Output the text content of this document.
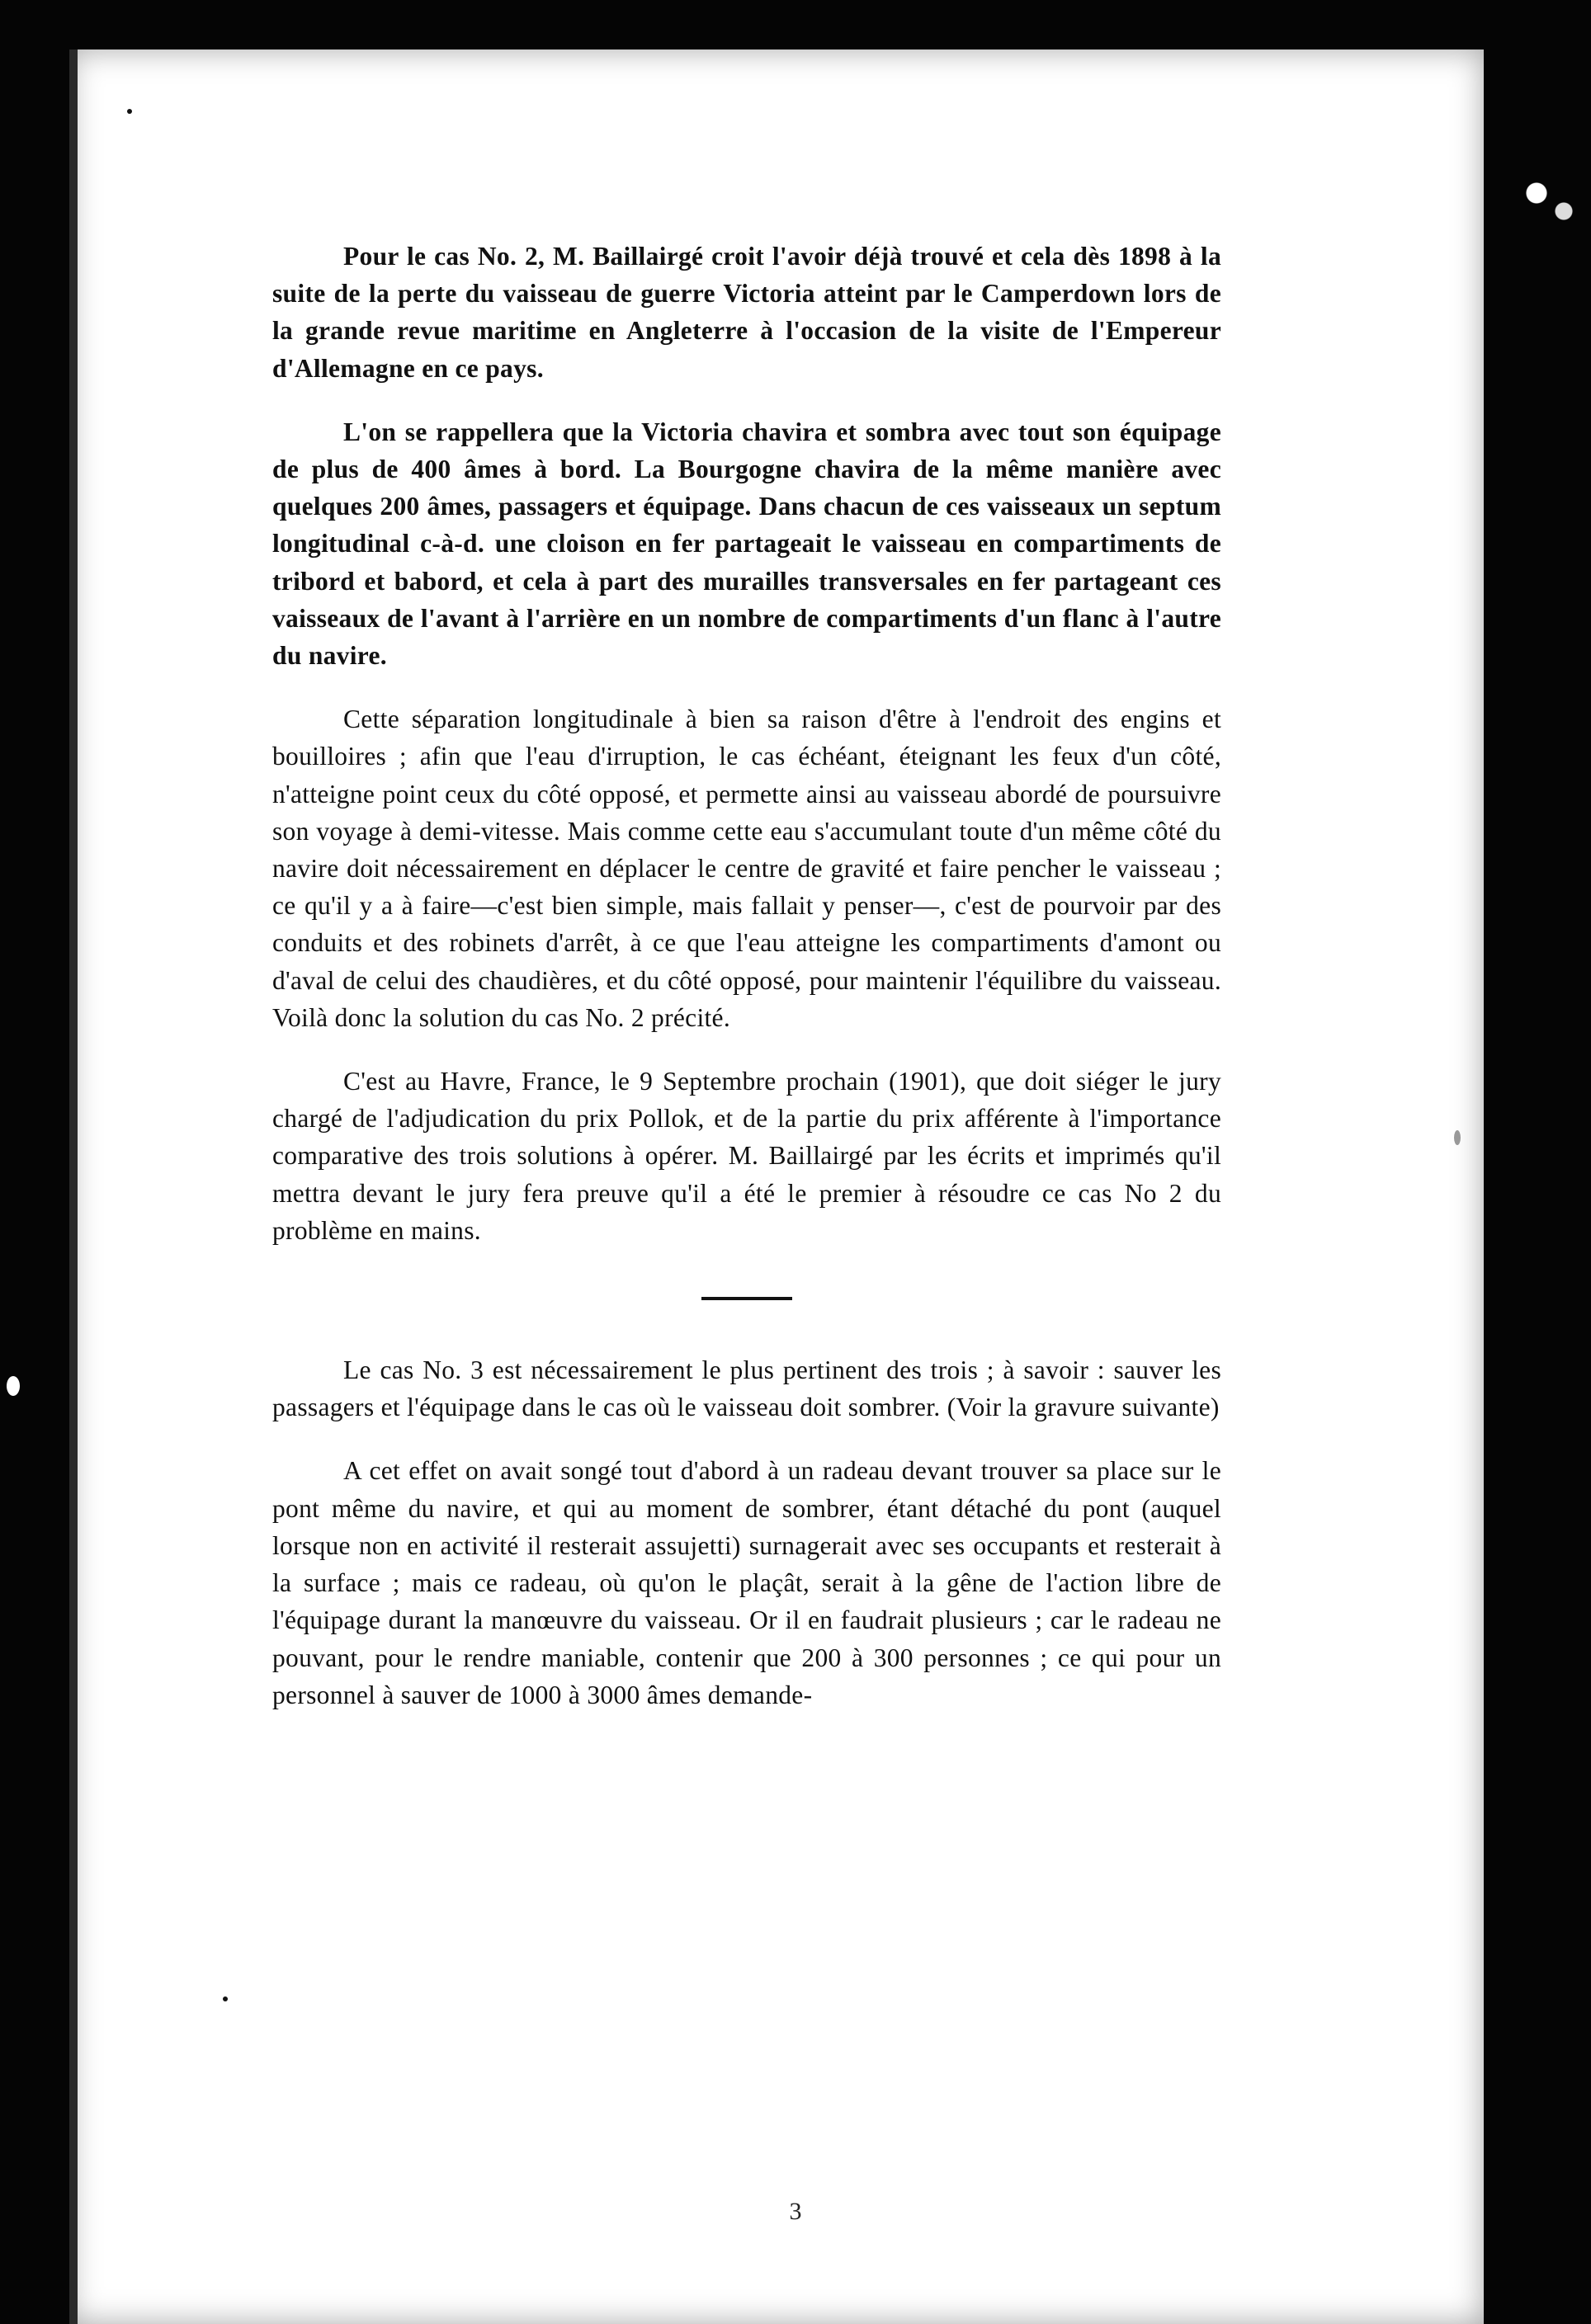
Pour le cas No. 2, M. Baillairgé croit l'avoir déjà trouvé et cela dès 1898 à la suite de la perte du vaisseau de guerre Victoria atteint par le Camperdown lors de la grande revue maritime en Angleterre à l'occasion de la visite de l'Empereur d'Allemagne en ce pays.

L'on se rappellera que la Victoria chavira et sombra avec tout son équipage de plus de 400 âmes à bord. La Bourgogne chavira de la même manière avec quelques 200 âmes, passagers et équipage. Dans chacun de ces vaisseaux un septum longitudinal c-à-d. une cloison en fer partageait le vaisseau en compartiments de tribord et babord, et cela à part des murailles transversales en fer partageant ces vaisseaux de l'avant à l'arrière en un nombre de compartiments d'un flanc à l'autre du navire.

Cette séparation longitudinale à bien sa raison d'être à l'endroit des engins et bouilloires ; afin que l'eau d'irruption, le cas échéant, éteignant les feux d'un côté, n'atteigne point ceux du côté opposé, et permette ainsi au vaisseau abordé de poursuivre son voyage à demi-vitesse. Mais comme cette eau s'accumulant toute d'un même côté du navire doit nécessairement en déplacer le centre de gravité et faire pencher le vaisseau ; ce qu'il y a à faire—c'est bien simple, mais fallait y penser—, c'est de pourvoir par des conduits et des robinets d'arrêt, à ce que l'eau atteigne les compartiments d'amont ou d'aval de celui des chaudières, et du côté opposé, pour maintenir l'équilibre du vaisseau. Voilà donc la solution du cas No. 2 précité.

C'est au Havre, France, le 9 Septembre prochain (1901), que doit siéger le jury chargé de l'adjudication du prix Pollok, et de la partie du prix afférente à l'importance comparative des trois solutions à opérer. M. Baillairgé par les écrits et imprimés qu'il mettra devant le jury fera preuve qu'il a été le premier à résoudre ce cas No 2 du problème en mains.

Le cas No. 3 est nécessairement le plus pertinent des trois ; à savoir : sauver les passagers et l'équipage dans le cas où le vaisseau doit sombrer. (Voir la gravure suivante)

A cet effet on avait songé tout d'abord à un radeau devant trouver sa place sur le pont même du navire, et qui au moment de sombrer, étant détaché du pont (auquel lorsque non en activité il resterait assujetti) surnagerait avec ses occupants et resterait à la surface ; mais ce radeau, où qu'on le plaçât, serait à la gêne de l'action libre de l'équipage durant la manœuvre du vaisseau. Or il en faudrait plusieurs ; car le radeau ne pouvant, pour le rendre maniable, contenir que 200 à 300 personnes ; ce qui pour un personnel à sauver de 1000 à 3000 âmes demande-

3
